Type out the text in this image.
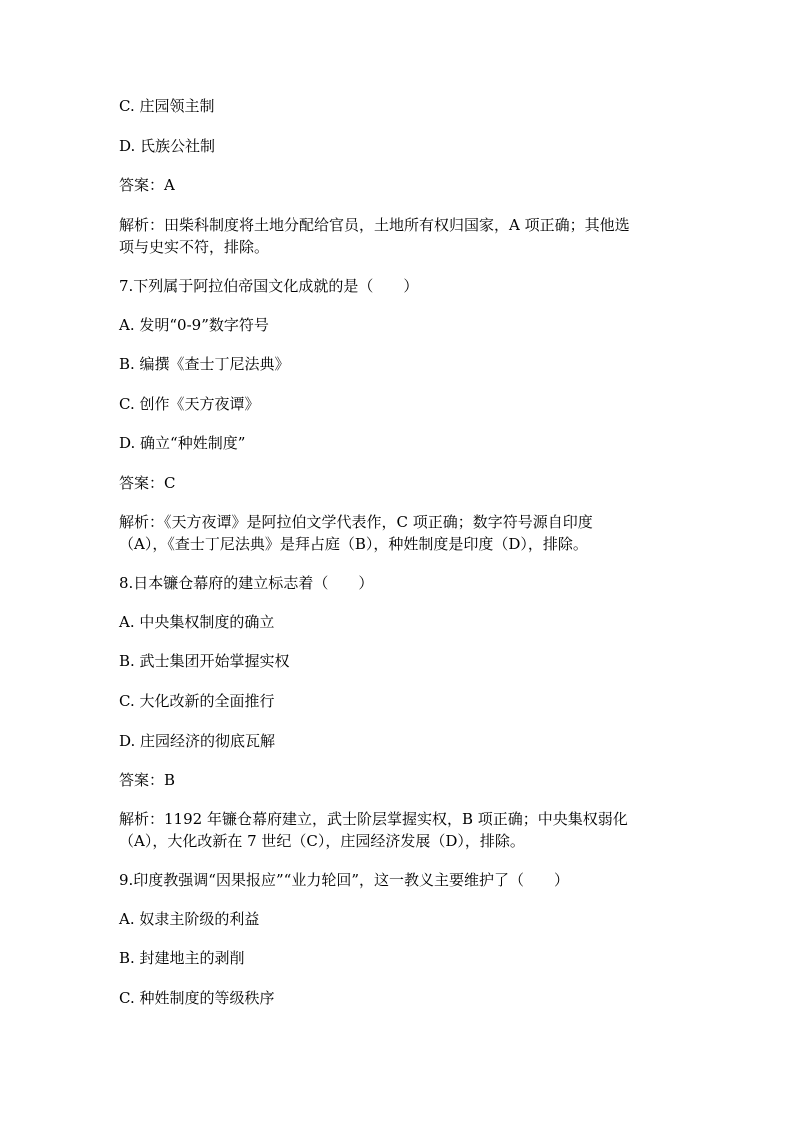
C. 庄园领主制
D. 氏族公社制
答案：A
解析：田柴科制度将土地分配给官员，土地所有权归国家，A 项正确；其他选
项与史实不符，排除。
7.下列属于阿拉伯帝国文化成就的是（　　）
A. 发明“0-9”数字符号
B. 编撰《查士丁尼法典》
C. 创作《天方夜谭》
D. 确立“种姓制度”
答案：C
解析：《天方夜谭》是阿拉伯文学代表作，C 项正确；数字符号源自印度
（A），《查士丁尼法典》是拜占庭（B），种姓制度是印度（D），排除。
8.日本镰仓幕府的建立标志着（　　）
A. 中央集权制度的确立
B. 武士集团开始掌握实权
C. 大化改新的全面推行
D. 庄园经济的彻底瓦解
答案：B
解析：1192 年镰仓幕府建立，武士阶层掌握实权，B 项正确；中央集权弱化
（A），大化改新在 7 世纪（C），庄园经济发展（D），排除。
9.印度教强调“因果报应”“业力轮回”，这一教义主要维护了（　　）
A. 奴隶主阶级的利益
B. 封建地主的剥削
C. 种姓制度的等级秩序
